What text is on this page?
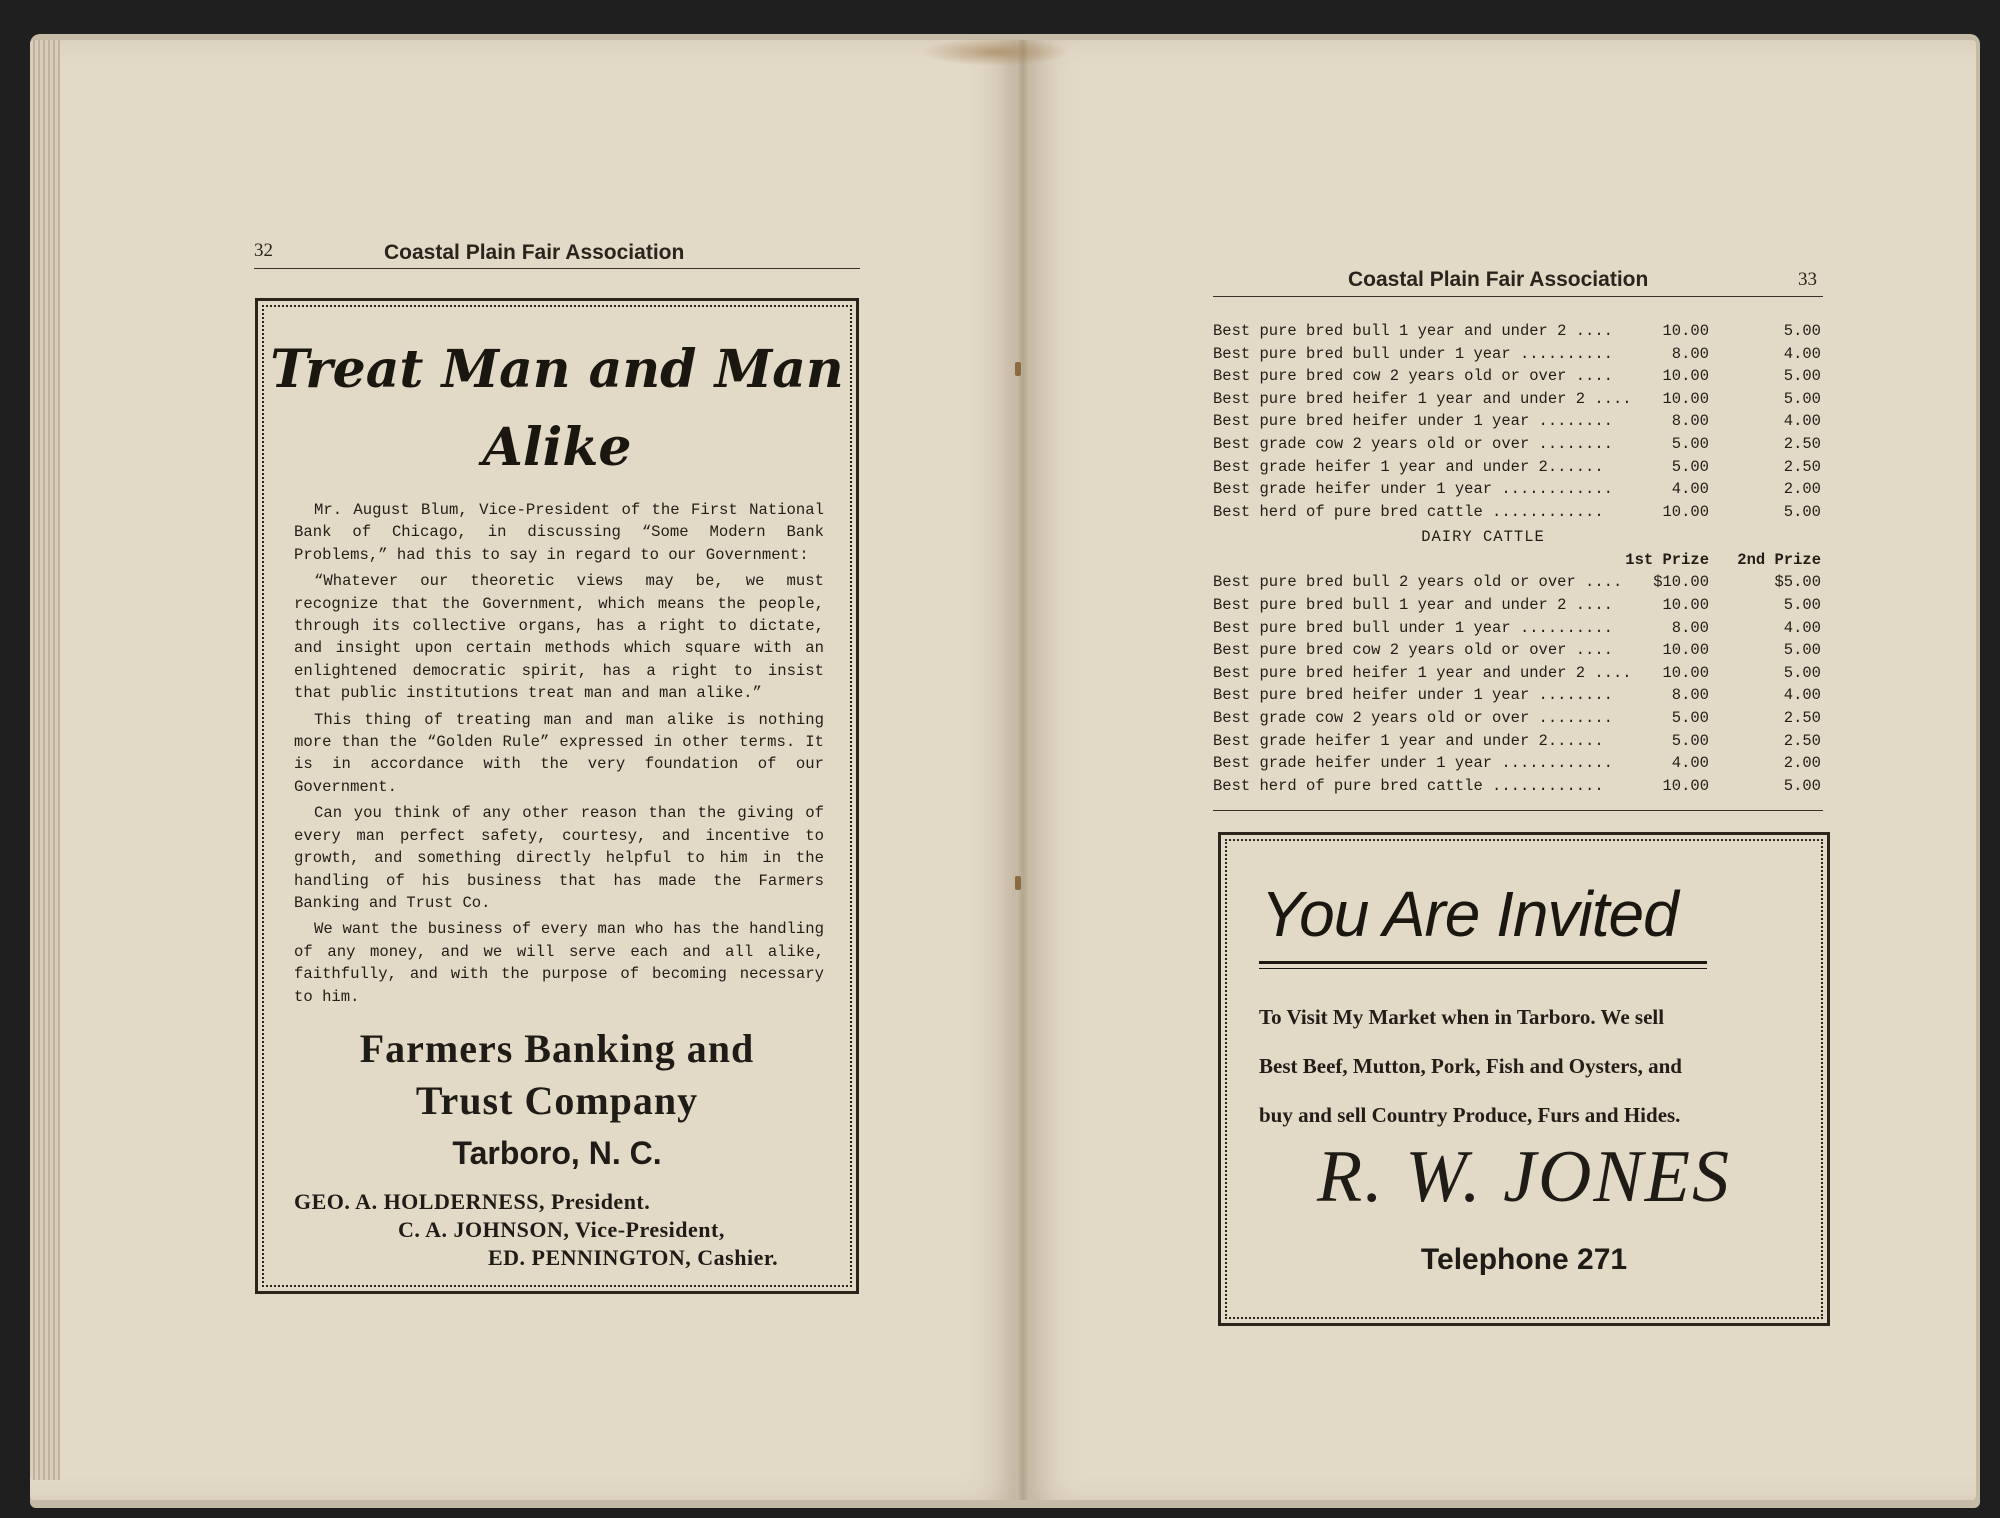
32	Coastal Plain Fair Association
Treat Man and Man
Alike

Mr. August Blum, Vice-President of the First National Bank of Chicago, in discussing “Some Modern Bank Problems,” had this to say in regard to our Government:

“Whatever our theoretic views may be, we must recognize that the Government, which means the people, through its collective organs, has a right to dictate, and insight upon certain methods which square with an enlightened democratic spirit, has a right to insist that public institutions treat man and man alike.”

This thing of treating man and man alike is nothing more than the “Golden Rule” expressed in other terms. It is in accordance with the very foundation of our Government.

Can you think of any other reason than the giving of every man perfect safety, courtesy, and incentive to growth, and something directly helpful to him in the handling of his business that has made the Farmers Banking and Trust Co.

We want the business of every man who has the handling of any money, and we will serve each and all alike, faithfully, and with the purpose of becoming necessary to him.

Farmers Banking and
Trust Company
Tarboro, N. C.
GEO. A. HOLDERNESS, President.
C. A. JOHNSON, Vice-President,
ED. PENNINGTON, Cashier.
Coastal Plain Fair Association	33
Best pure bred bull 1 year and under 2 ....	10.00	5.00
Best pure bred bull under 1 year ..........	8.00	4.00
Best pure bred cow 2 years old or over ....	10.00	5.00
Best pure bred heifer 1 year and under 2 .... 10.00	5.00
Best pure bred heifer under 1 year ........	8.00	4.00
Best grade cow 2 years old or over ........	5.00	2.50
Best grade heifer 1 year and under 2......	5.00	2.50
Best grade heifer under 1 year ............	4.00	2.00
Best herd of pure bred cattle ............	10.00	5.00
DAIRY CATTLE
1st Prize 2nd Prize
Best pure bred bull 2 years old or over .... $10.00	$5.00
Best pure bred bull 1 year and under 2 ....	10.00	5.00
Best pure bred bull under 1 year ..........	8.00	4.00
Best pure bred cow 2 years old or over ....	10.00	5.00
Best pure bred heifer 1 year and under 2 .... 10.00	5.00
Best pure bred heifer under 1 year ........	8.00	4.00
Best grade cow 2 years old or over ........	5.00	2.50
Best grade heifer 1 year and under 2......	5.00	2.50
Best grade heifer under 1 year ............	4.00	2.00
Best herd of pure bred cattle ............	10.00	5.00
You Are Invited
To Visit My Market when in Tarboro. We sell
Best Beef, Mutton, Pork, Fish and Oysters, and
buy and sell Country Produce, Furs and Hides.
R. W. JONES
Telephone 271
